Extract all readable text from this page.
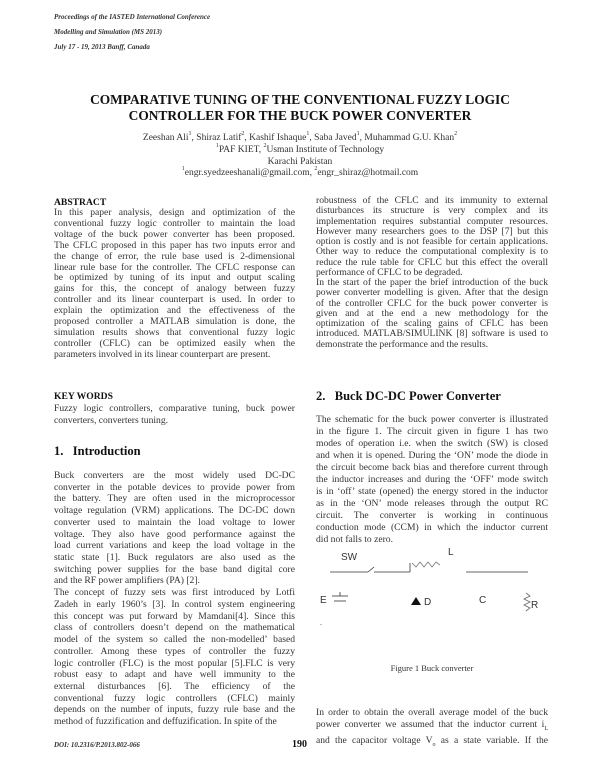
Proceedings of the IASTED International Conference
Modelling and Simulation (MS 2013)
July 17 - 19, 2013 Banff, Canada
COMPARATIVE TUNING OF THE CONVENTIONAL FUZZY LOGIC
CONTROLLER FOR THE BUCK POWER CONVERTER
Zeeshan Ali$^1$, Shiraz Latif$^2$, Kashif Ishaque$^1$, Saba Javed$^1$, Muhammad G.U. Khan$^2$
$^1$PAF KIET, $^2$Usman Institute of Technology
Karachi Pakistan
$^1$engr.syedzeeshanali@gmail.com, $^2$engr_shiraz@hotmail.com
ABSTRACT
In this paper analysis, design and optimization of the
conventional fuzzy logic controller to maintain the load
voltage of the buck power converter has been proposed.
The CFLC proposed in this paper has two inputs error and
the change of error, the rule base used is 2-dimensional
linear rule base for the controller. The CFLC response can
be optimized by tuning of its input and output scaling
gains for this, the concept of analogy between fuzzy
controller and its linear counterpart is used. In order to
explain the optimization and the effectiveness of the
proposed controller a MATLAB simulation is done, the
simulation results shows that conventional fuzzy logic
controller (CFLC) can be optimized easily when the
parameters involved in its linear counterpart are present.
KEY WORDS
Fuzzy logic controllers, comparative tuning, buck power
converters, converters tuning.
1.   Introduction
Buck converters are the most widely used DC-DC
converter in the potable devices to provide power from
the battery. They are often used in the microprocessor
voltage regulation (VRM) applications. The DC-DC down
converter used to maintain the load voltage to lower
voltage. They also have good performance against the
load current variations and keep the load voltage in the
static state [1]. Buck regulators are also used as the
switching power supplies for the base band digital core
and the RF power amplifiers (PA) [2].
The concept of fuzzy sets was first introduced by Lotfi
Zadeh in early 1960’s [3]. In control system engineering
this concept was put forward by Mamdani[4]. Since this
class of controllers doesn’t depend on the mathematical
model of the system so called the non-modelled’ based
controller. Among these types of controller the fuzzy
logic controller (FLC) is the most popular [5].FLC is very
robust easy to adapt and have well immunity to the
external disturbances [6]. The efficiency of the
conventional fuzzy logic controllers (CFLC) mainly
depends on the number of inputs, fuzzy rule base and the
method of fuzzification and deffuzification. In spite of the
robustness of the CFLC and its immunity to external
disturbances its structure is very complex and its
implementation requires substantial computer resources.
However many researchers goes to the DSP [7] but this
option is costly and is not feasible for certain applications.
Other way to reduce the computational complexity is to
reduce the rule table for CFLC but this effect the overall
performance of CFLC to be degraded.
In the start of the paper the brief introduction of the buck
power converter modelling is given. After that the design
of the controller CFLC for the buck power converter is
given and at the end a new methodology for the
optimization of the scaling gains of CFLC has been
introduced. MATLAB/SIMULINK [8] software is used to
demonstrate the performance and the results.
2.   Buck DC-DC Power Converter
The schematic for the buck power converter is illustrated
in the figure 1. The circuit given in figure 1 has two
modes of operation i.e. when the switch (SW) is closed
and when it is opened. During the ‘ON’ mode the diode in
the circuit become back bias and therefore current through
the inductor increases and during the ‘OFF’ mode switch
is in ‘off’ state (opened) the energy stored in the inductor
as in the ‘ON’ mode releases through the output RC
circuit. The converter is working in continuous
conduction mode (CCM) in which the inductor current
did not falls to zero.
SW	L
E	D	C	R
.
Figure 1 Buck converter
In order to obtain the overall average model of the buck
power converter we assumed that the inductor current $i_L$
and the capacitor voltage $V_o$ as a state variable. If the
DOI: 10.2316/P.2013.802-066	190
